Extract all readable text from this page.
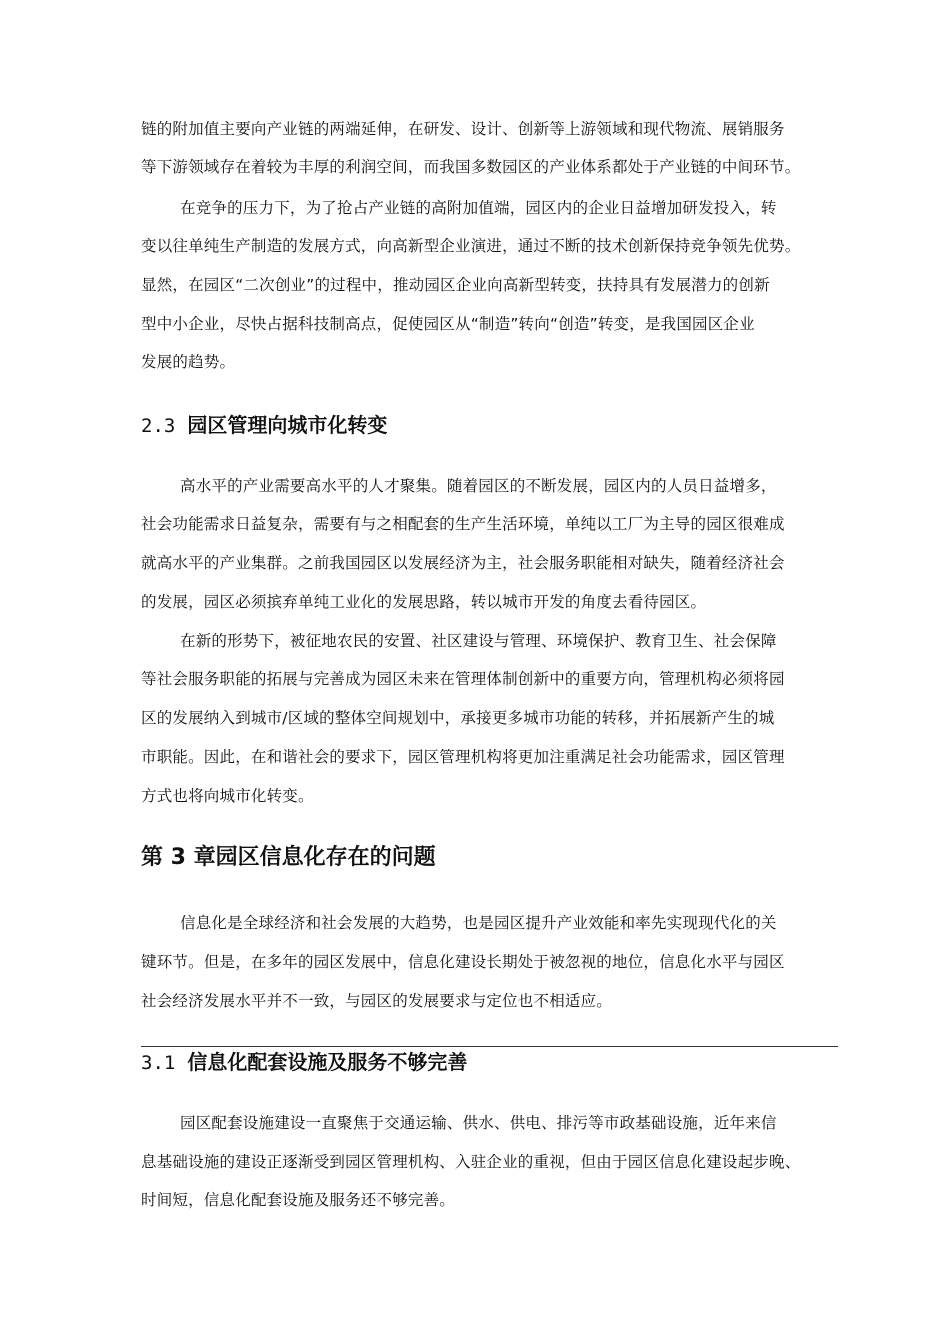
链的附加值主要向产业链的两端延伸，在研发、设计、创新等上游领域和现代物流、展销服务
等下游领域存在着较为丰厚的利润空间，而我国多数园区的产业体系都处于产业链的中间环节。
在竞争的压力下，为了抢占产业链的高附加值端，园区内的企业日益增加研发投入，转
变以往单纯生产制造的发展方式，向高新型企业演进，通过不断的技术创新保持竞争领先优势。
显然，在园区“二次创业”的过程中，推动园区企业向高新型转变，扶持具有发展潜力的创新
型中小企业，尽快占据科技制高点，促使园区从“制造”转向“创造”转变，是我国园区企业
发展的趋势。
2.3 园区管理向城市化转变
高水平的产业需要高水平的人才聚集。随着园区的不断发展，园区内的人员日益增多，
社会功能需求日益复杂，需要有与之相配套的生产生活环境，单纯以工厂为主导的园区很难成
就高水平的产业集群。之前我国园区以发展经济为主，社会服务职能相对缺失，随着经济社会
的发展，园区必须摈弃单纯工业化的发展思路，转以城市开发的角度去看待园区。
在新的形势下，被征地农民的安置、社区建设与管理、环境保护、教育卫生、社会保障
等社会服务职能的拓展与完善成为园区未来在管理体制创新中的重要方向，管理机构必须将园
区的发展纳入到城市/区域的整体空间规划中，承接更多城市功能的转移，并拓展新产生的城
市职能。因此，在和谐社会的要求下，园区管理机构将更加注重满足社会功能需求，园区管理
方式也将向城市化转变。
第 3 章园区信息化存在的问题
信息化是全球经济和社会发展的大趋势，也是园区提升产业效能和率先实现现代化的关
键环节。但是，在多年的园区发展中，信息化建设长期处于被忽视的地位，信息化水平与园区
社会经济发展水平并不一致，与园区的发展要求与定位也不相适应。
3.1 信息化配套设施及服务不够完善
园区配套设施建设一直聚焦于交通运输、供水、供电、排污等市政基础设施，近年来信
息基础设施的建设正逐渐受到园区管理机构、入驻企业的重视，但由于园区信息化建设起步晚、
时间短，信息化配套设施及服务还不够完善。
